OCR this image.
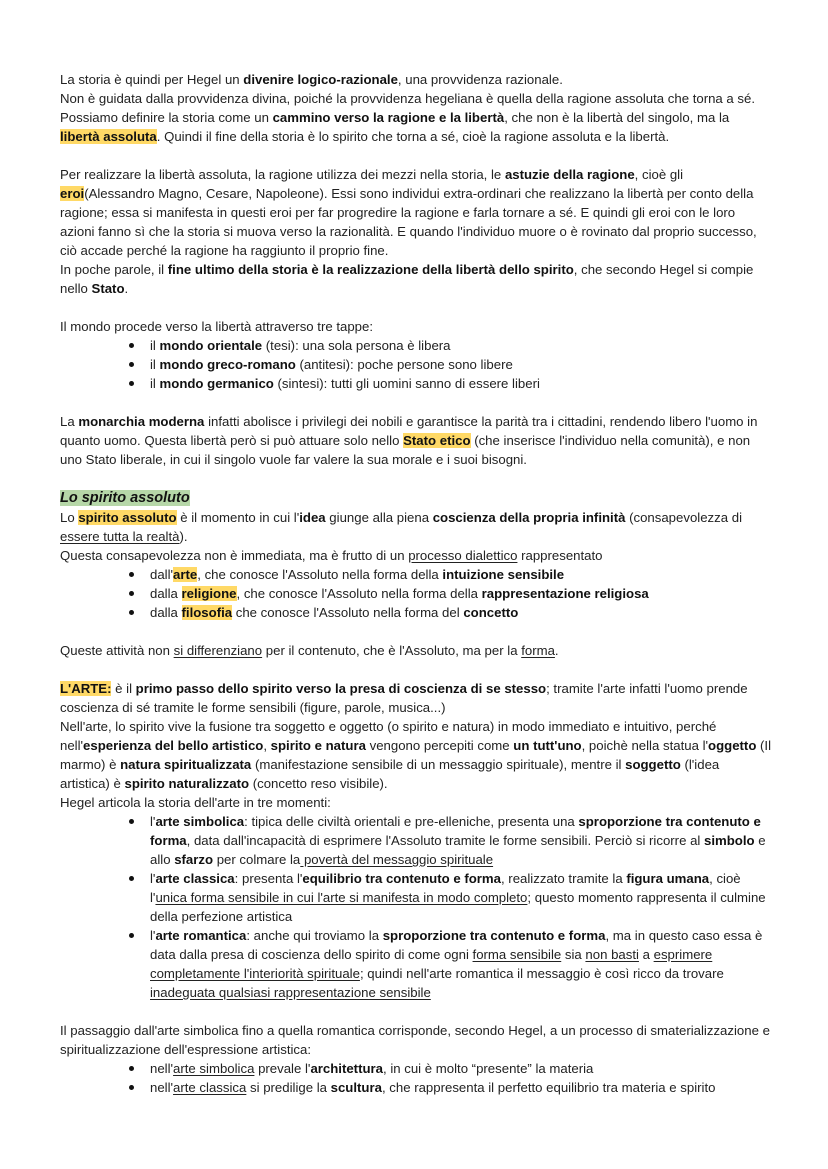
La storia è quindi per Hegel un divenire logico-razionale, una provvidenza razionale.
Non è guidata dalla provvidenza divina, poiché la provvidenza hegeliana è quella della ragione assoluta che torna a sé. Possiamo definire la storia come un cammino verso la ragione e la libertà, che non è la libertà del singolo, ma la libertà assoluta. Quindi il fine della storia è lo spirito che torna a sé, cioè la ragione assoluta e la libertà.
Per realizzare la libertà assoluta, la ragione utilizza dei mezzi nella storia, le astuzie della ragione, cioè gli eroi(Alessandro Magno, Cesare, Napoleone). Essi sono individui extra-ordinari che realizzano la libertà per conto della ragione; essa si manifesta in questi eroi per far progredire la ragione e farla tornare a sé. E quindi gli eroi con le loro azioni fanno sì che la storia si muova verso la razionalità. E quando l'individuo muore o è rovinato dal proprio successo, ciò accade perché la ragione ha raggiunto il proprio fine.
In poche parole, il fine ultimo della storia è la realizzazione della libertà dello spirito, che secondo Hegel si compie nello Stato.
Il mondo procede verso la libertà attraverso tre tappe:
il mondo orientale (tesi): una sola persona è libera
il mondo greco-romano (antitesi): poche persone sono libere
il mondo germanico (sintesi): tutti gli uomini sanno di essere liberi
La monarchia moderna infatti abolisce i privilegi dei nobili e garantisce la parità tra i cittadini, rendendo libero l'uomo in quanto uomo. Questa libertà però si può attuare solo nello Stato etico (che inserisce l'individuo nella comunità), e non uno Stato liberale, in cui il singolo vuole far valere la sua morale e i suoi bisogni.
Lo spirito assoluto
Lo spirito assoluto è il momento in cui l'idea giunge alla piena coscienza della propria infinità (consapevolezza di essere tutta la realtà).
Questa consapevolezza non è immediata, ma è frutto di un processo dialettico rappresentato
dall'arte, che conosce l'Assoluto nella forma della intuizione sensibile
dalla religione, che conosce l'Assoluto nella forma della rappresentazione religiosa
dalla filosofia che conosce l'Assoluto nella forma del concetto
Queste attività non si differenziano per il contenuto, che è l'Assoluto, ma per la forma.
L'ARTE: è il primo passo dello spirito verso la presa di coscienza di se stesso; tramite l'arte infatti l'uomo prende coscienza di sé tramite le forme sensibili (figure, parole, musica...)
Nell'arte, lo spirito vive la fusione tra soggetto e oggetto (o spirito e natura) in modo immediato e intuitivo, perché nell'esperienza del bello artistico, spirito e natura vengono percepiti come un tutt'uno, poichè nella statua l'oggetto (Il marmo) è natura spiritualizzata (manifestazione sensibile di un messaggio spirituale), mentre il soggetto (l'idea artistica) è spirito naturalizzato (concetto reso visibile).
Hegel articola la storia dell'arte in tre momenti:
l'arte simbolica: tipica delle civiltà orientali e pre-elleniche, presenta una sproporzione tra contenuto e forma, data dall'incapacità di esprimere l'Assoluto tramite le forme sensibili. Perciò si ricorre al simbolo e allo sfarzo per colmare la povertà del messaggio spirituale
l'arte classica: presenta l'equilibrio tra contenuto e forma, realizzato tramite la figura umana, cioè l'unica forma sensibile in cui l'arte si manifesta in modo completo; questo momento rappresenta il culmine della perfezione artistica
l'arte romantica: anche qui troviamo la sproporzione tra contenuto e forma, ma in questo caso essa è data dalla presa di coscienza dello spirito di come ogni forma sensibile sia non basti a esprimere completamente l'interiorità spirituale; quindi nell'arte romantica il messaggio è così ricco da trovare inadeguata qualsiasi rappresentazione sensibile
Il passaggio dall'arte simbolica fino a quella romantica corrisponde, secondo Hegel, a un processo di smaterializzazione e spiritualizzazione dell'espressione artistica:
nell'arte simbolica prevale l'architettura, in cui è molto “presente” la materia
nell'arte classica si predilige la scultura, che rappresenta il perfetto equilibrio tra materia e spirito
